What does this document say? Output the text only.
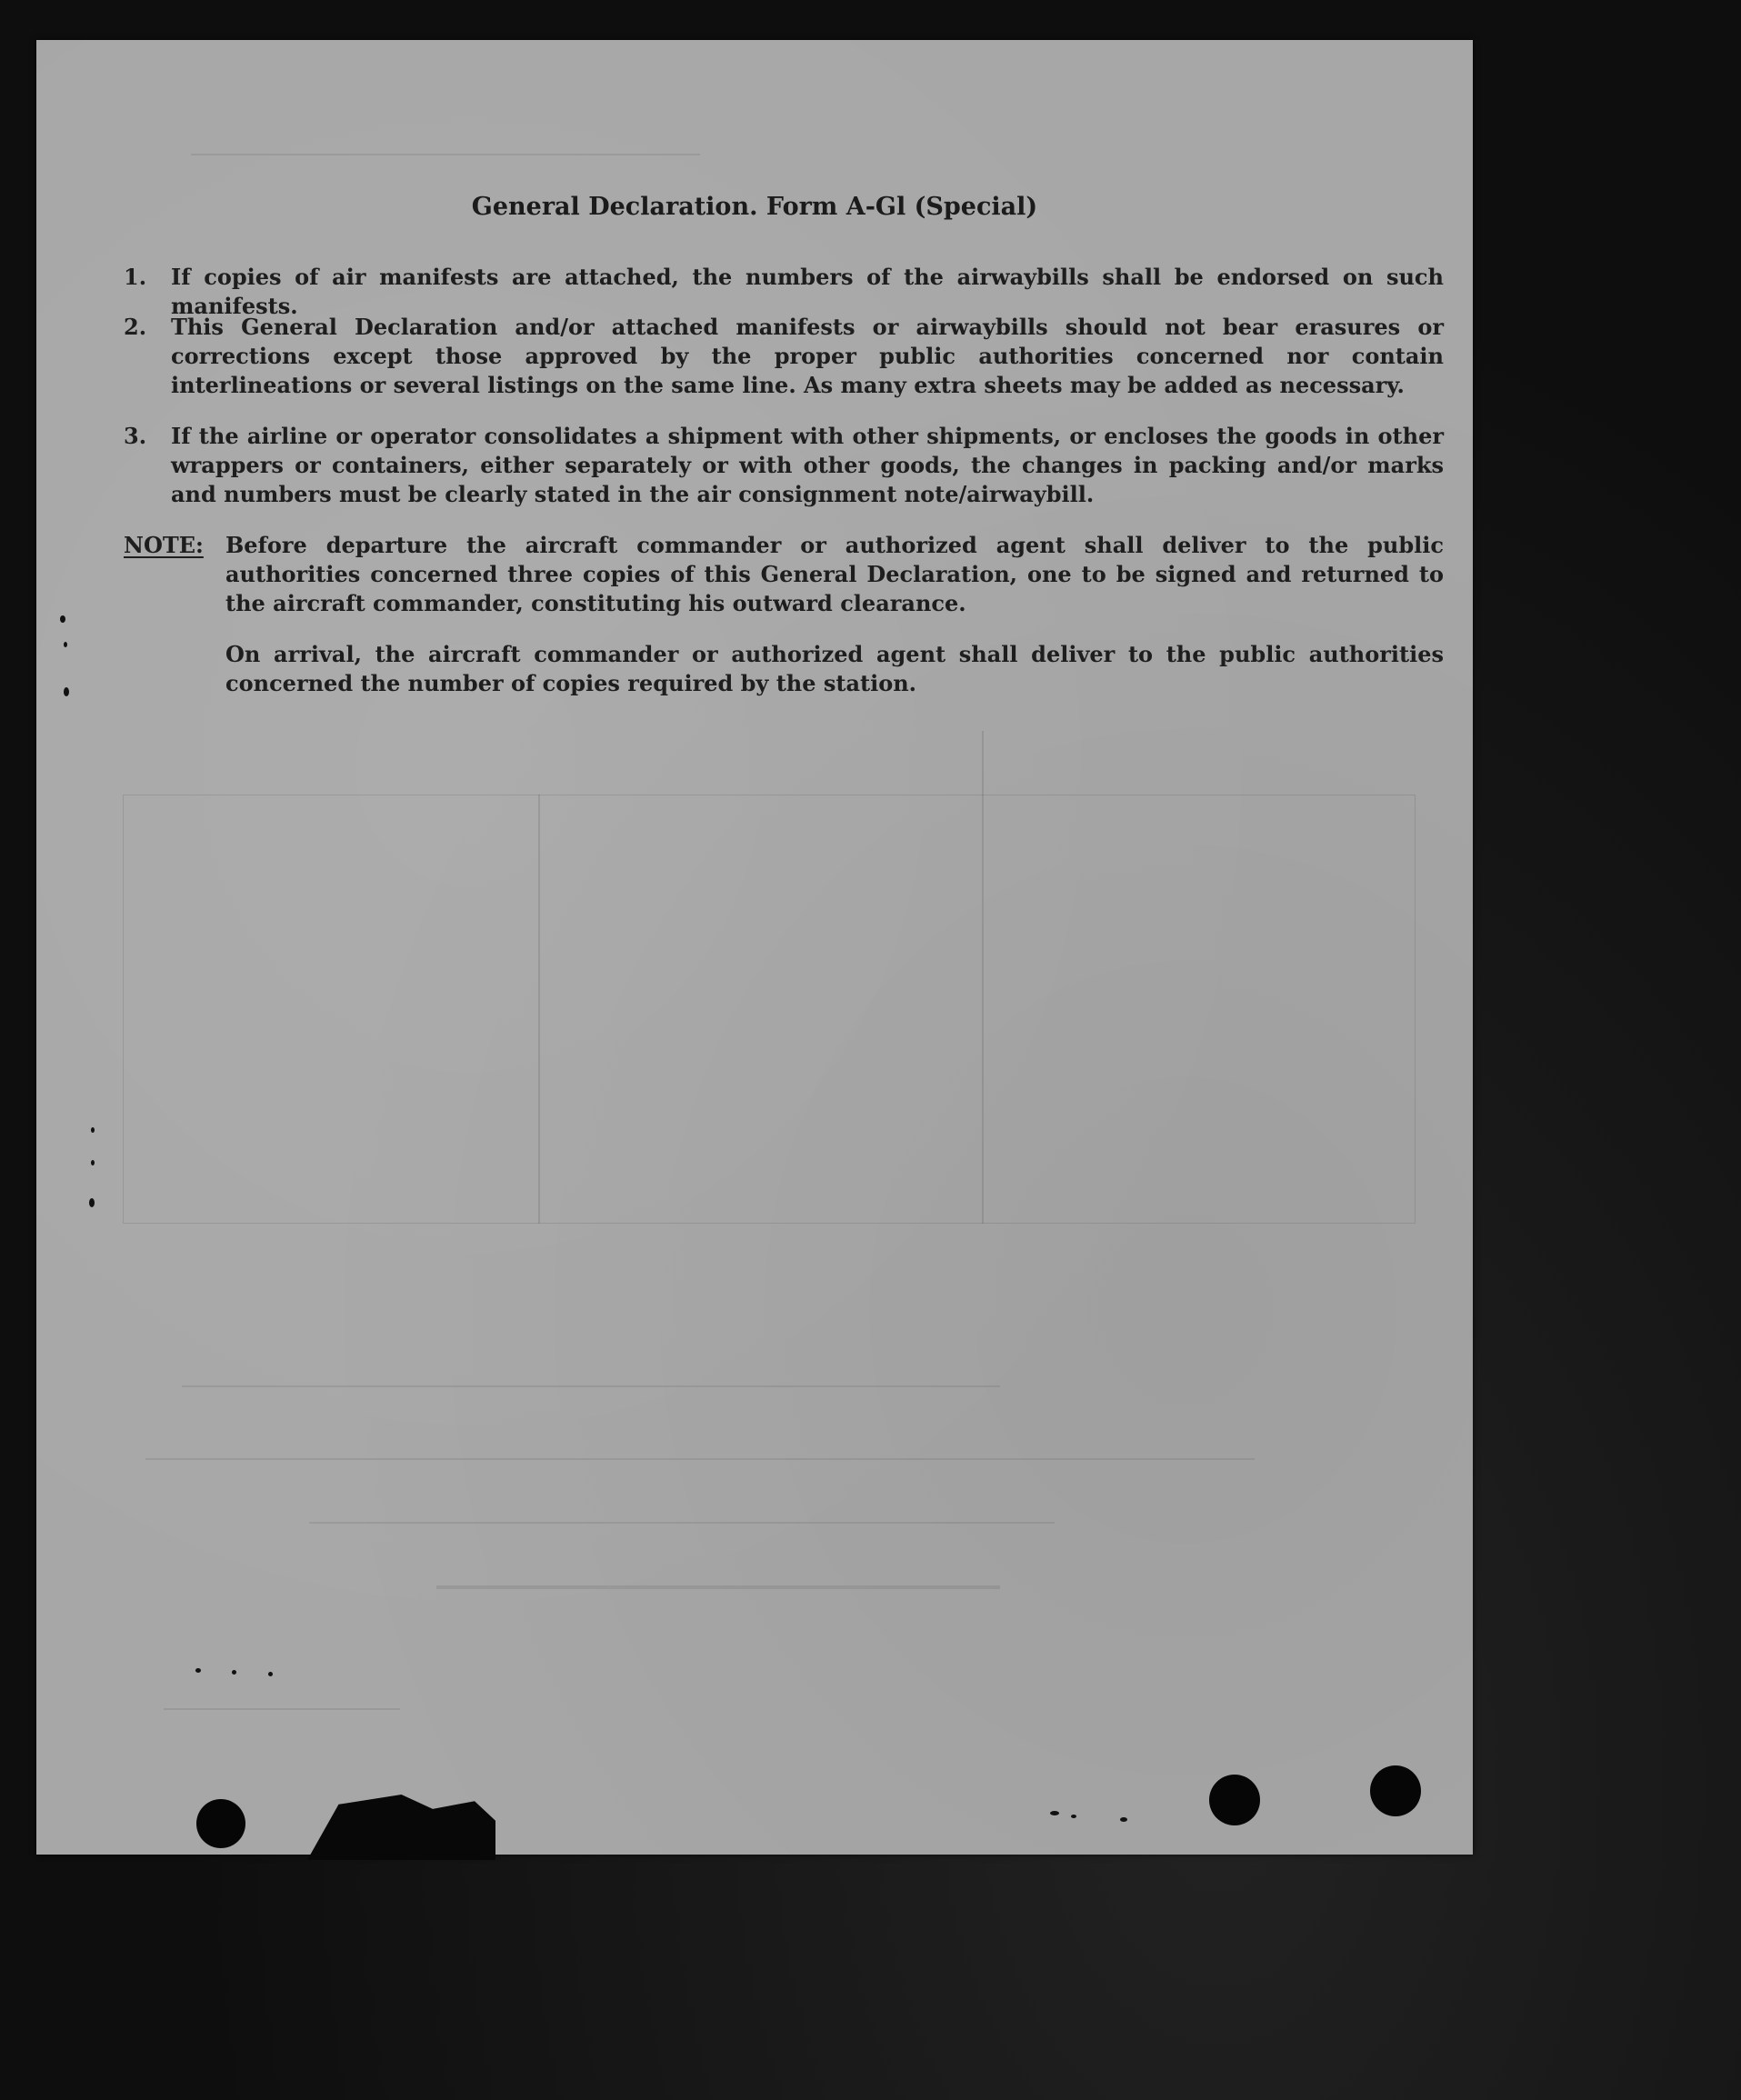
General Declaration. Form A-Gl (Special)
1.	If copies of air manifests are attached, the numbers of the airwaybills shall be endorsed on such manifests.
2.	This General Declaration and/or attached manifests or airwaybills should not bear erasures or corrections except those approved by the proper public authorities concerned nor contain interlineations or several listings on the same line. As many extra sheets may be added as necessary.
3.	If the airline or operator consolidates a shipment with other shipments, or encloses the goods in other wrappers or containers, either separately or with other goods, the changes in packing and/or marks and numbers must be clearly stated in the air consignment note/airwaybill.
NOTE: Before departure the aircraft commander or authorized agent shall deliver to the public authorities concerned three copies of this General Declaration, one to be signed and returned to the aircraft commander, constituting his outward clearance.
On arrival, the aircraft commander or authorized agent shall deliver to the public authorities concerned the number of copies required by the station.
